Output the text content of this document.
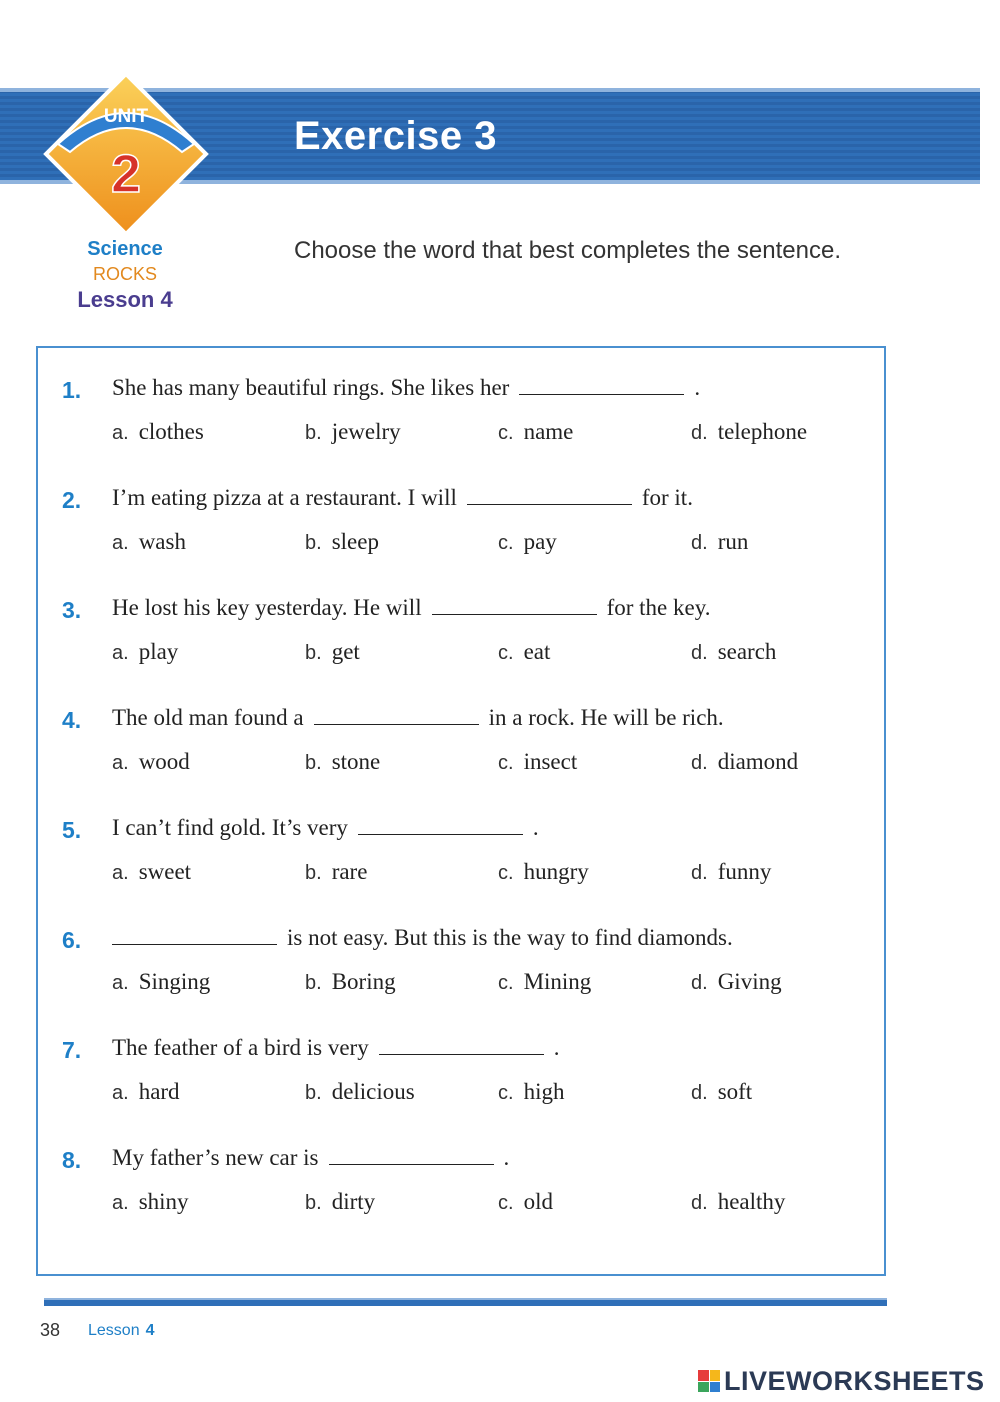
UNIT
2
Exercise 3
Science
ROCKS
Lesson 4
Choose the word that best completes the sentence.
1. She has many beautiful rings. She likes her	.
a. clothes	b. jewelry	c. name	d. telephone
2. I’m eating pizza at a restaurant. I will	for it.
a. wash	b. sleep	c. pay	d. run
3. He lost his key yesterday. He will	for the key.
a. play	b. get	c. eat	d. search
4. The old man found a	in a rock. He will be rich.
a. wood	b. stone	c. insect	d. diamond
5. I can’t find gold. It’s very	.
a. sweet	b. rare	c. hungry	d. funny
6.	is not easy. But this is the way to find diamonds.
a. Singing	b. Boring	c. Mining	d. Giving
7. The feather of a bird is very	.
a. hard	b. delicious	c. high	d. soft
8. My father’s new car is	.
a. shiny	b. dirty	c. old	d. healthy
38 Lesson 4
LIVEWORKSHEETS
